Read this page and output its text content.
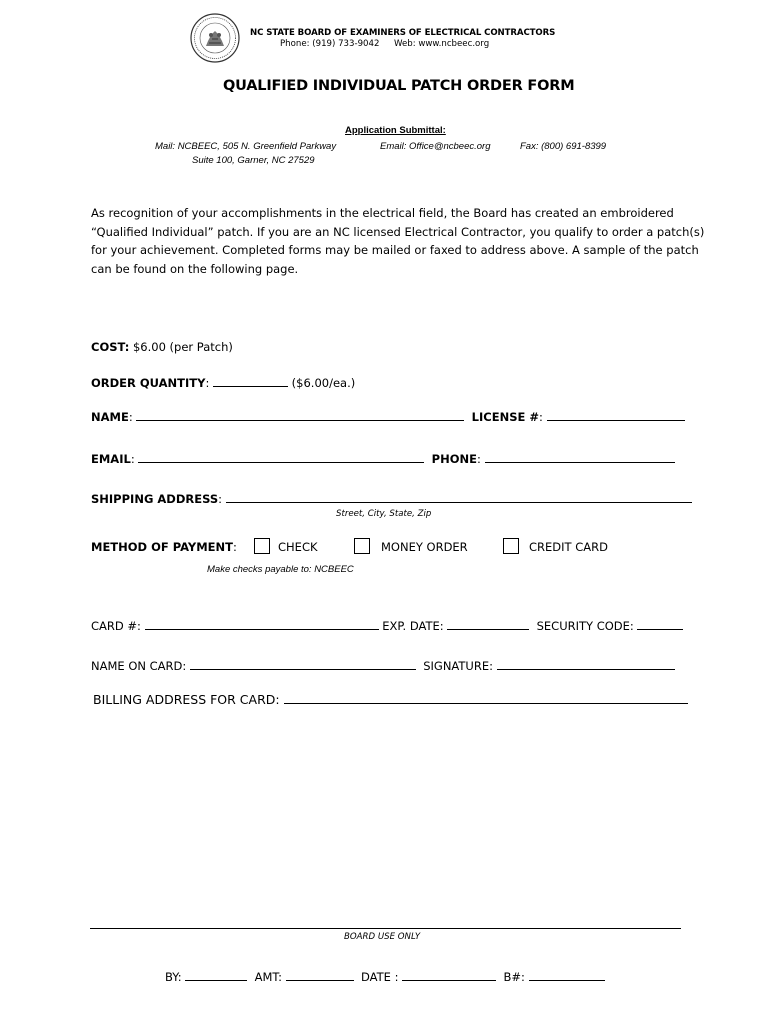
NC STATE BOARD OF EXAMINERS OF ELECTRICAL CONTRACTORS
Phone: (919) 733-9042 Web: www.ncbeec.org
QUALIFIED INDIVIDUAL PATCH ORDER FORM
Application Submittal:
Mail: NCBEEC, 505 N. Greenfield Parkway
Suite 100, Garner, NC 27529
Email: Office@ncbeec.org	Fax: (800) 691-8399
As recognition of your accomplishments in the electrical field, the Board has created an embroidered
“Qualified Individual” patch. If you are an NC licensed Electrical Contractor, you qualify to order a patch(s)
for your achievement. Completed forms may be mailed or faxed to address above. A sample of the patch
can be found on the following page.
COST: $6.00 (per Patch)
ORDER QUANTITY:	($6.00/ea.)
NAME:	LICENSE #:
EMAIL:	PHONE:
SHIPPING ADDRESS:
Street, City, State, Zip
METHOD OF PAYMENT:	CHECK	MONEY ORDER	CREDIT CARD
Make checks payable to: NCBEEC
CARD #:	EXP. DATE:	SECURITY CODE:
NAME ON CARD:	SIGNATURE:
BILLING ADDRESS FOR CARD:
BOARD USE ONLY
BY:	AMT:	DATE :	B#:
